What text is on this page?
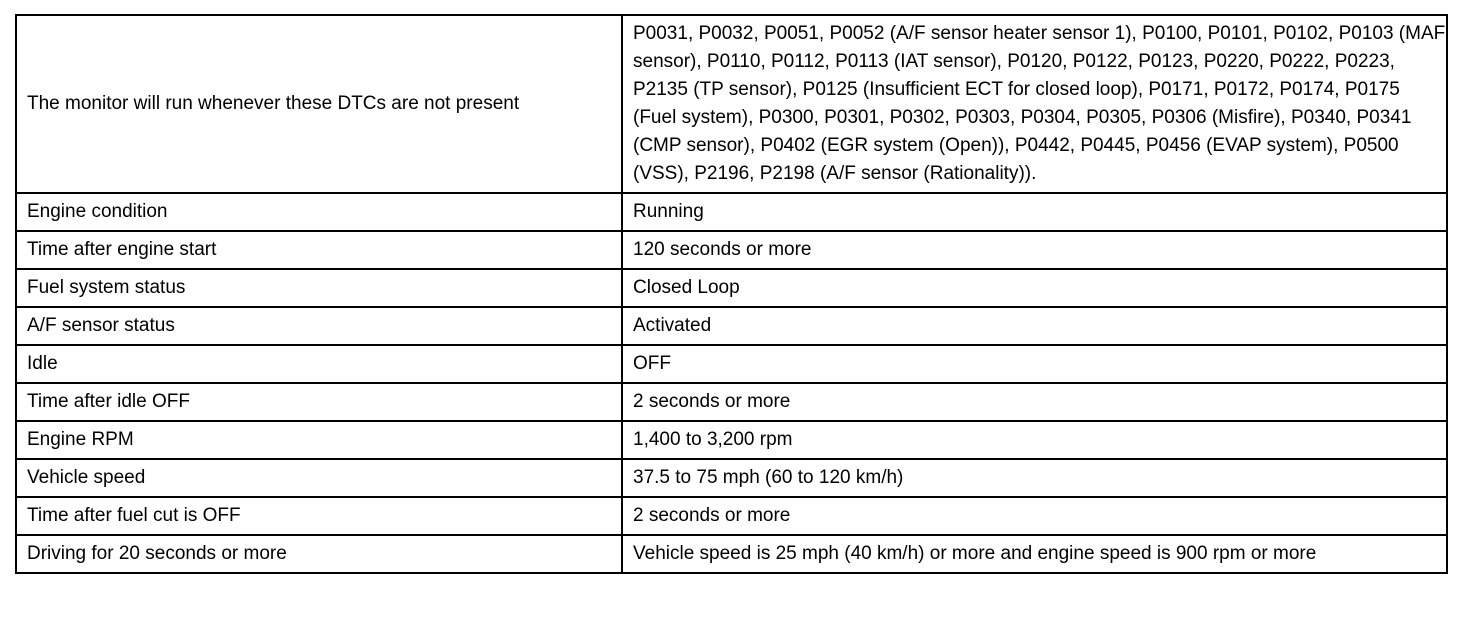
The monitor will run whenever these DTCs are not present	P0031, P0032, P0051, P0052 (A/F sensor heater sensor 1), P0100, P0101, P0102, P0103 (MAF sensor), P0110, P0112, P0113 (IAT sensor), P0120, P0122, P0123, P0220, P0222, P0223, P2135 (TP sensor), P0125 (Insufficient ECT for closed loop), P0171, P0172, P0174, P0175 (Fuel system), P0300, P0301, P0302, P0303, P0304, P0305, P0306 (Misfire), P0340, P0341 (CMP sensor), P0402 (EGR system (Open)), P0442, P0445, P0456 (EVAP system), P0500 (VSS), P2196, P2198 (A/F sensor (Rationality)).
Engine condition	Running
Time after engine start	120 seconds or more
Fuel system status	Closed Loop
A/F sensor status	Activated
Idle	OFF
Time after idle OFF	2 seconds or more
Engine RPM	1,400 to 3,200 rpm
Vehicle speed	37.5 to 75 mph (60 to 120 km/h)
Time after fuel cut is OFF	2 seconds or more
Driving for 20 seconds or more	Vehicle speed is 25 mph (40 km/h) or more and engine speed is 900 rpm or more
